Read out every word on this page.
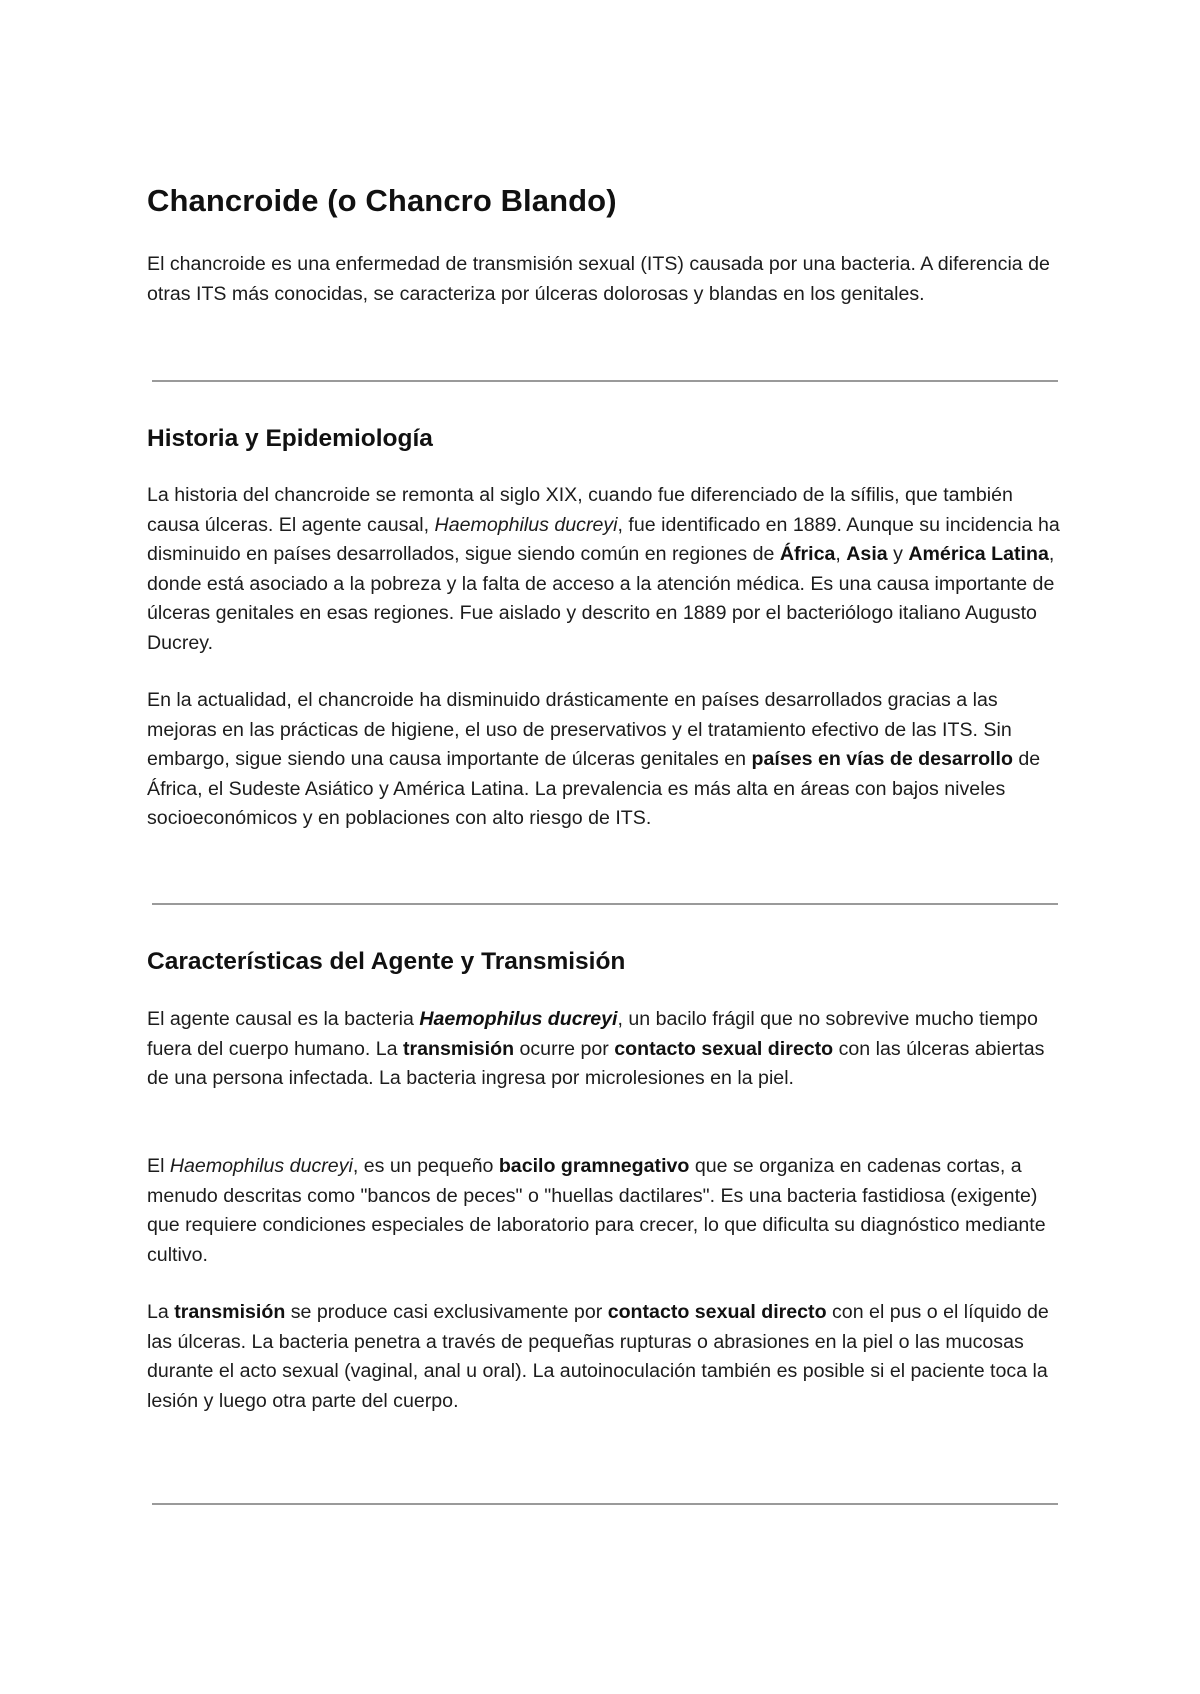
Chancroide (o Chancro Blando)

El chancroide es una enfermedad de transmisión sexual (ITS) causada por una bacteria. A diferencia de otras ITS más conocidas, se caracteriza por úlceras dolorosas y blandas en los genitales.

Historia y Epidemiología

La historia del chancroide se remonta al siglo XIX, cuando fue diferenciado de la sífilis, que también causa úlceras. El agente causal, Haemophilus ducreyi, fue identificado en 1889. Aunque su incidencia ha disminuido en países desarrollados, sigue siendo común en regiones de África, Asia y América Latina, donde está asociado a la pobreza y la falta de acceso a la atención médica. Es una causa importante de úlceras genitales en esas regiones. Fue aislado y descrito en 1889 por el bacteriólogo italiano Augusto Ducrey.

En la actualidad, el chancroide ha disminuido drásticamente en países desarrollados gracias a las mejoras en las prácticas de higiene, el uso de preservativos y el tratamiento efectivo de las ITS. Sin embargo, sigue siendo una causa importante de úlceras genitales en países en vías de desarrollo de África, el Sudeste Asiático y América Latina. La prevalencia es más alta en áreas con bajos niveles socioeconómicos y en poblaciones con alto riesgo de ITS.

Características del Agente y Transmisión

El agente causal es la bacteria Haemophilus ducreyi, un bacilo frágil que no sobrevive mucho tiempo fuera del cuerpo humano. La transmisión ocurre por contacto sexual directo con las úlceras abiertas de una persona infectada. La bacteria ingresa por microlesiones en la piel.

El Haemophilus ducreyi, es un pequeño bacilo gramnegativo que se organiza en cadenas cortas, a menudo descritas como "bancos de peces" o "huellas dactilares". Es una bacteria fastidiosa (exigente) que requiere condiciones especiales de laboratorio para crecer, lo que dificulta su diagnóstico mediante cultivo.

La transmisión se produce casi exclusivamente por contacto sexual directo con el pus o el líquido de las úlceras. La bacteria penetra a través de pequeñas rupturas o abrasiones en la piel o las mucosas durante el acto sexual (vaginal, anal u oral). La autoinoculación también es posible si el paciente toca la lesión y luego otra parte del cuerpo.
